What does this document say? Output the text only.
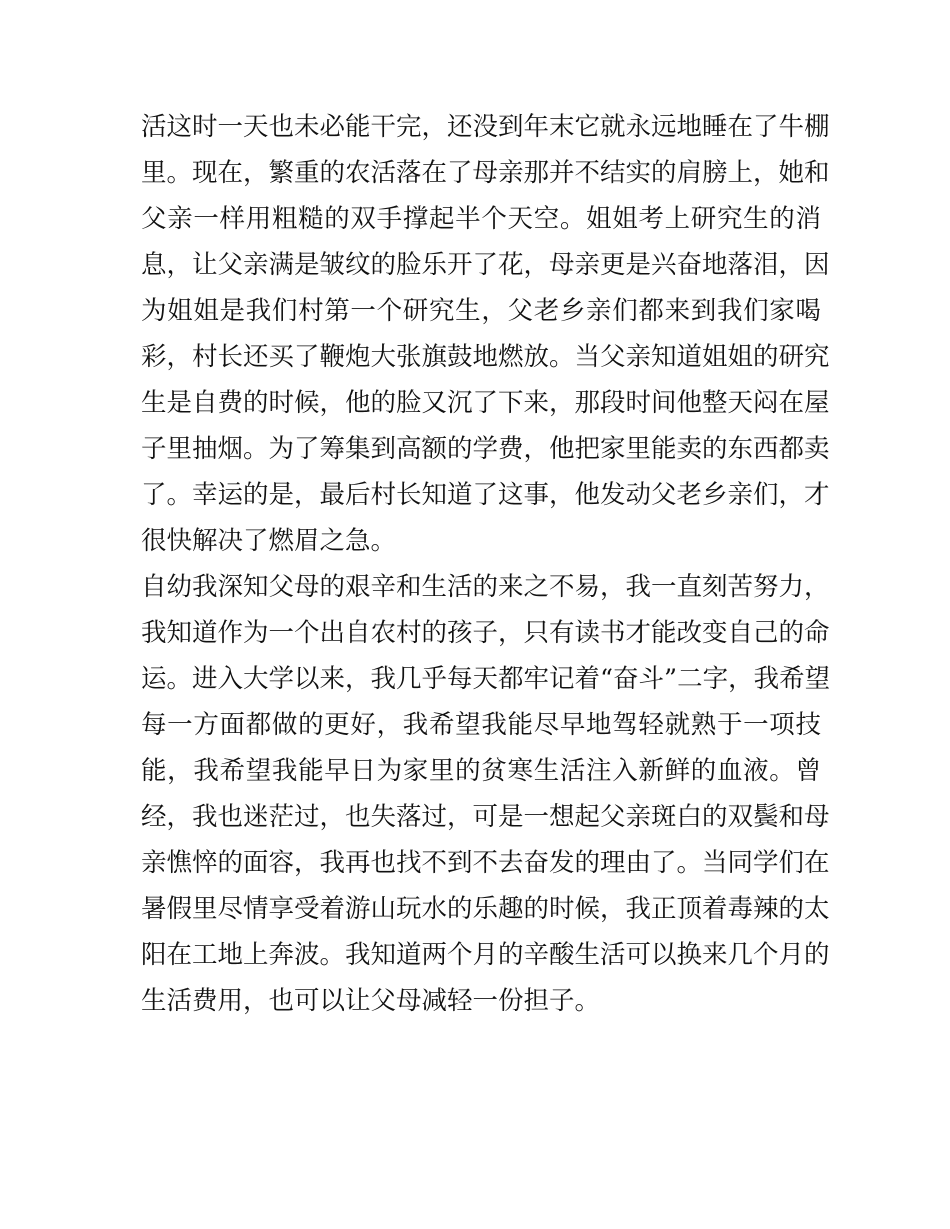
活这时一天也未必能干完，还没到年末它就永远地睡在了牛棚
里。现在，繁重的农活落在了母亲那并不结实的肩膀上，她和
父亲一样用粗糙的双手撑起半个天空。姐姐考上研究生的消
息，让父亲满是皱纹的脸乐开了花，母亲更是兴奋地落泪，因
为姐姐是我们村第一个研究生，父老乡亲们都来到我们家喝
彩，村长还买了鞭炮大张旗鼓地燃放。当父亲知道姐姐的研究
生是自费的时候，他的脸又沉了下来，那段时间他整天闷在屋
子里抽烟。为了筹集到高额的学费，他把家里能卖的东西都卖
了。幸运的是，最后村长知道了这事，他发动父老乡亲们，才
很快解决了燃眉之急。
自幼我深知父母的艰辛和生活的来之不易，我一直刻苦努力，
我知道作为一个出自农村的孩子，只有读书才能改变自己的命
运。进入大学以来，我几乎每天都牢记着“奋斗”二字，我希望
每一方面都做的更好，我希望我能尽早地驾轻就熟于一项技
能，我希望我能早日为家里的贫寒生活注入新鲜的血液。曾
经，我也迷茫过，也失落过，可是一想起父亲斑白的双鬓和母
亲憔悴的面容，我再也找不到不去奋发的理由了。当同学们在
暑假里尽情享受着游山玩水的乐趣的时候，我正顶着毒辣的太
阳在工地上奔波。我知道两个月的辛酸生活可以换来几个月的
生活费用，也可以让父母减轻一份担子。
